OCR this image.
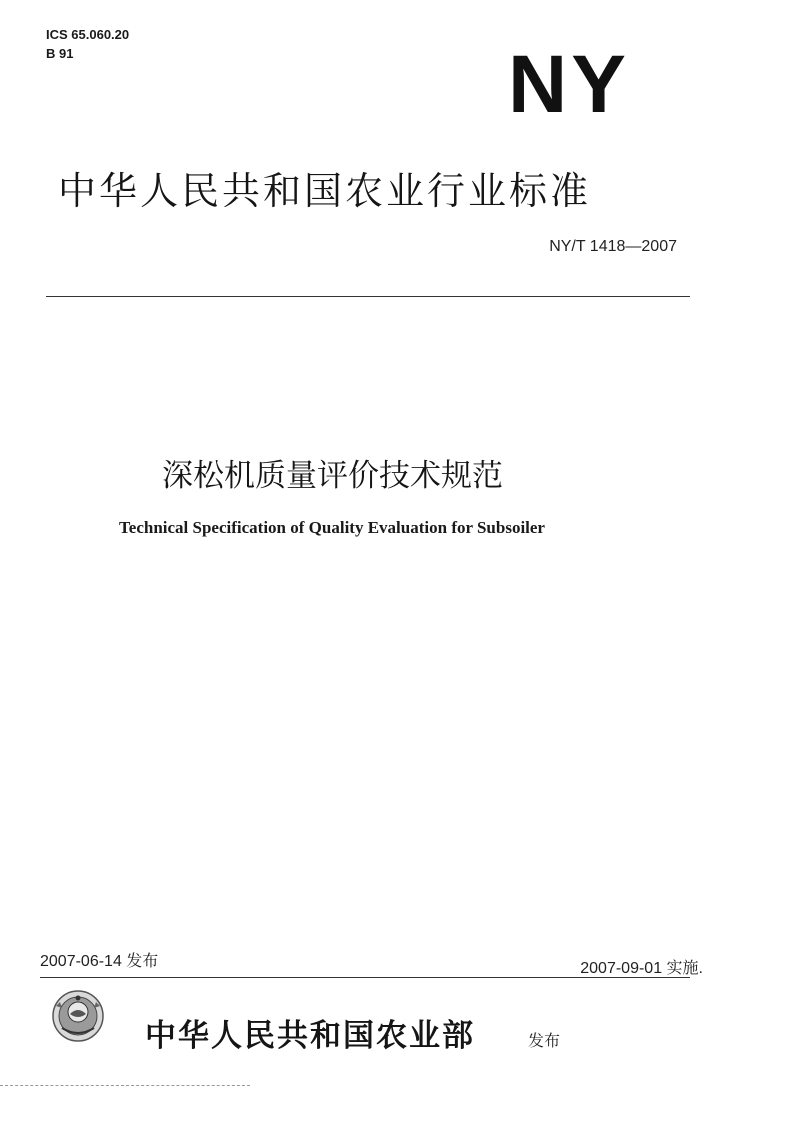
ICS 65.060.20
B 91	NY
中华人民共和国农业行业标准
NY/T 1418—2007
深松机质量评价技术规范
Technical Specification of Quality Evaluation for Subsoiler
2007-06-14 发布	2007-09-01 实施.
中华人民共和国农业部	发布
